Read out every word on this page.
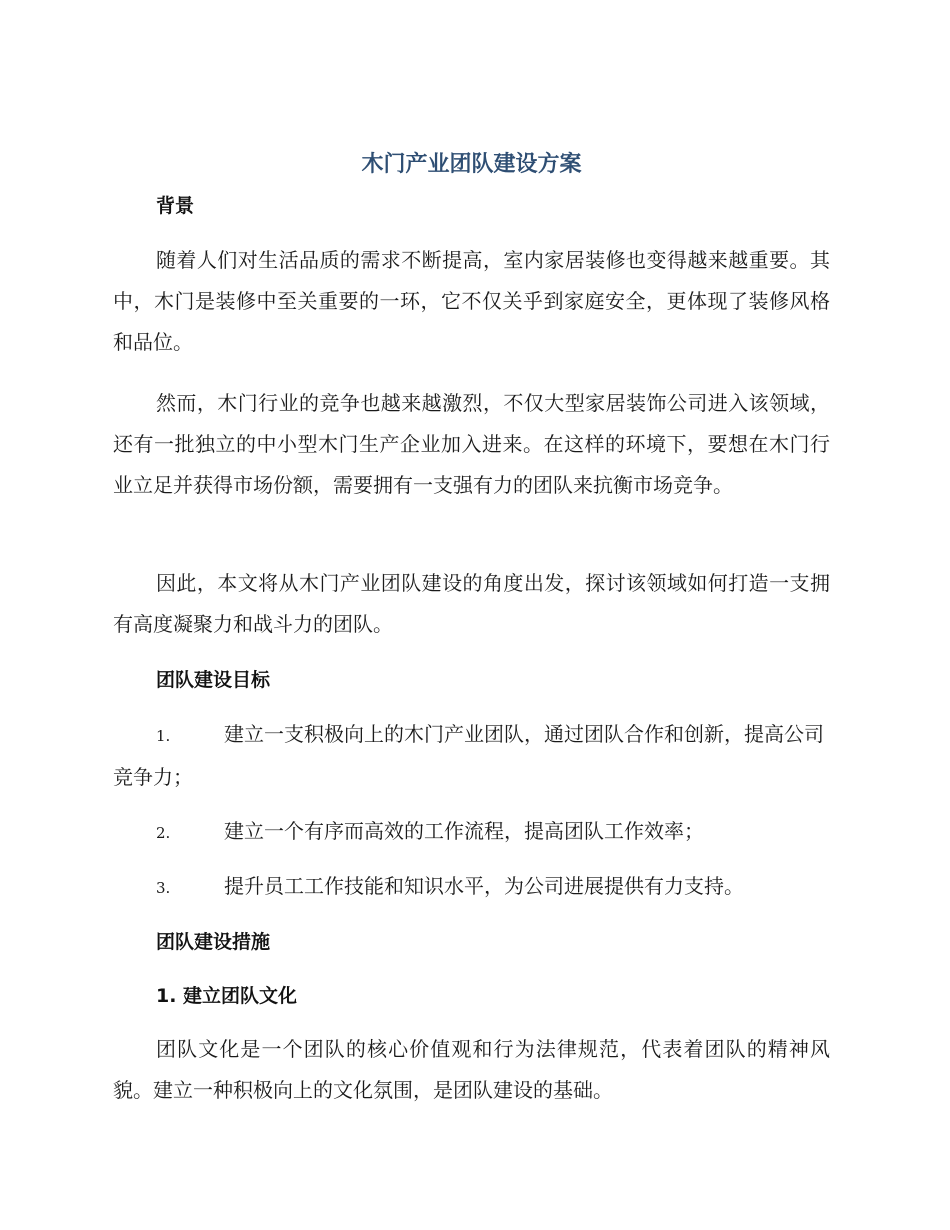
木门产业团队建设方案
背景
随着人们对生活品质的需求不断提高，室内家居装修也变得越来越重要。其中，木门是装修中至关重要的一环，它不仅关乎到家庭安全，更体现了装修风格和品位。
然而，木门行业的竞争也越来越激烈，不仅大型家居装饰公司进入该领域，还有一批独立的中小型木门生产企业加入进来。在这样的环境下，要想在木门行业立足并获得市场份额，需要拥有一支强有力的团队来抗衡市场竞争。
因此，本文将从木门产业团队建设的角度出发，探讨该领域如何打造一支拥有高度凝聚力和战斗力的团队。
团队建设目标
1.	建立一支积极向上的木门产业团队，通过团队合作和创新，提高公司竞争力；
2.	建立一个有序而高效的工作流程，提高团队工作效率；
3.	提升员工工作技能和知识水平，为公司进展提供有力支持。
团队建设措施
1. 建立团队文化
团队文化是一个团队的核心价值观和行为法律规范，代表着团队的精神风貌。建立一种积极向上的文化氛围，是团队建设的基础。
